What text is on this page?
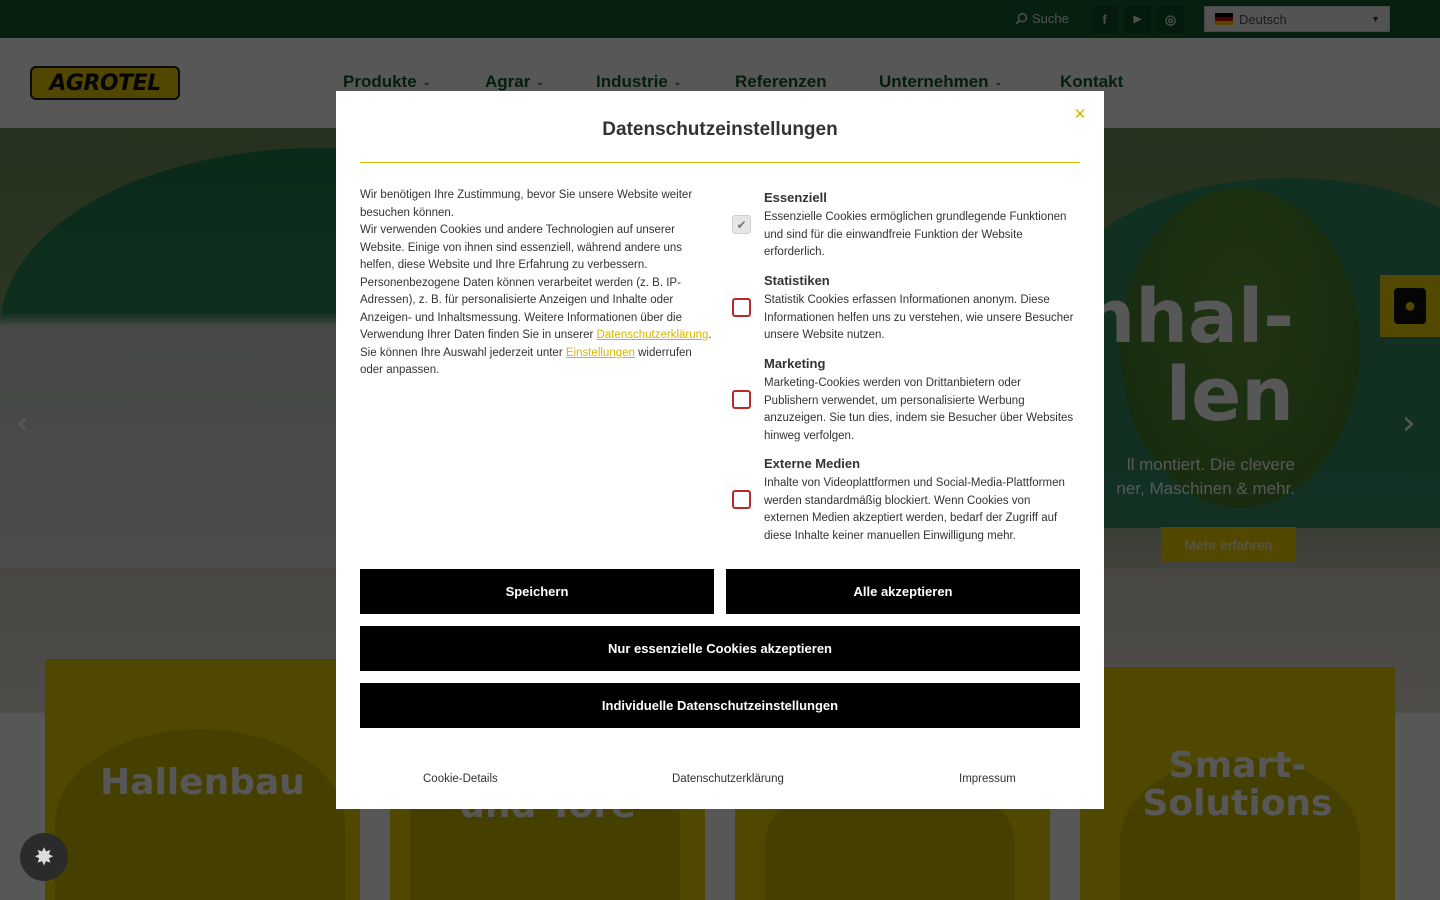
Datenschutzeinstellungen
✕

Wir benötigen Ihre Zustimmung, bevor Sie unsere Website weiter besuchen können.

Wir verwenden Cookies und andere Technologien auf unserer Website. Einige von ihnen sind essenziell, während andere uns helfen, diese Website und Ihre Erfahrung zu verbessern. Personenbezogene Daten können verarbeitet werden (z. B. IP-Adressen), z. B. für personalisierte Anzeigen und Inhalte oder Anzeigen- und Inhaltsmessung. Weitere Informationen über die Verwendung Ihrer Daten finden Sie in unserer Datenschutzerklärung. Sie können Ihre Auswahl jederzeit unter Einstellungen widerrufen oder anpassen.

✔
Essenziell
Essenzielle Cookies ermöglichen grundlegende Funktionen und sind für die einwandfreie Funktion der Website erforderlich.
Statistiken
Statistik Cookies erfassen Informationen anonym. Diese Informationen helfen uns zu verstehen, wie unsere Besucher unsere Website nutzen.
Marketing
Marketing-Cookies werden von Drittanbietern oder Publishern verwendet, um personalisierte Werbung anzuzeigen. Sie tun dies, indem sie Besucher über Websites hinweg verfolgen.
Externe Medien
Inhalte von Videoplattformen und Social-Media-Plattformen werden standardmäßig blockiert. Wenn Cookies von externen Medien akzeptiert werden, bedarf der Zugriff auf diese Inhalte keiner manuellen Einwilligung mehr.
Speichern	Alle akzeptieren
Nur essenzielle Cookies akzeptieren
Individuelle Datenschutzeinstellungen
Cookie-Details	Datenschutzerklärung	Impressum
✸
